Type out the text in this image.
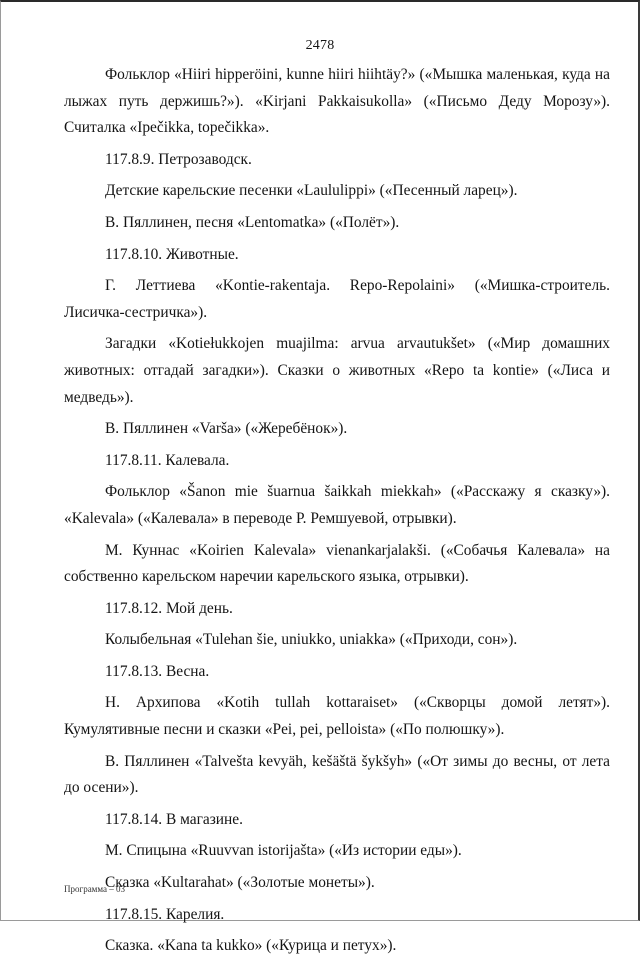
2478

Фольклор «Hiiri hipperöini, kunne hiiri hiihtäy?» («Мышка маленькая, куда на лыжах путь держишь?»). «Kirjani Pakkaisukolla» («Письмо Деду Морозу»). Считалка «Ipečikka, topečikka».

117.8.9. Петрозаводск.

Детские карельские песенки «Laululippi» («Песенный ларец»).

В. Пяллинен, песня «Lentomatka» («Полёт»).

117.8.10. Животные.

Г. Леттиева «Kontie-rakentaja. Repo-Repolaini» («Мишка-строитель. Лисичка-сестричка»).

Загадки «Kotiełukkojen muajilma: arvua arvautukšet» («Мир домашних животных: отгадай загадки»). Сказки о животных «Repo ta kontie» («Лиса и медведь»).

В. Пяллинен «Varša» («Жеребёнок»).

117.8.11. Калевала.

Фольклор «Šanon mie šuarnua šaikkah miekkah» («Расскажу я сказку»). «Kalevala» («Калевала» в переводе Р. Ремшуевой, отрывки).

М. Куннас «Koirien Kalevala» vienankarjalakši. («Собачья Калевала» на собственно карельском наречии карельского языка, отрывки).

117.8.12. Мой день.

Колыбельная «Tulehan šie, uniukko, uniakka» («Приходи, сон»).

117.8.13. Весна.

Н. Архипова «Kotih tullah kottaraiset» («Скворцы домой летят»). Кумулятивные песни и сказки «Pei, pei, pelloista» («По полюшку»).

В. Пяллинен «Talvešta kevyäh, kešäštä šykšyh» («От зимы до весны, от лета до осени»).

117.8.14. В магазине.

М. Спицына «Ruuvvan istorijašta» («Из истории еды»).

Сказка «Kultarahat» («Золотые монеты»).

117.8.15. Карелия.

Сказка. «Kana ta kukko» («Курица и петух»).

Программа – 03
